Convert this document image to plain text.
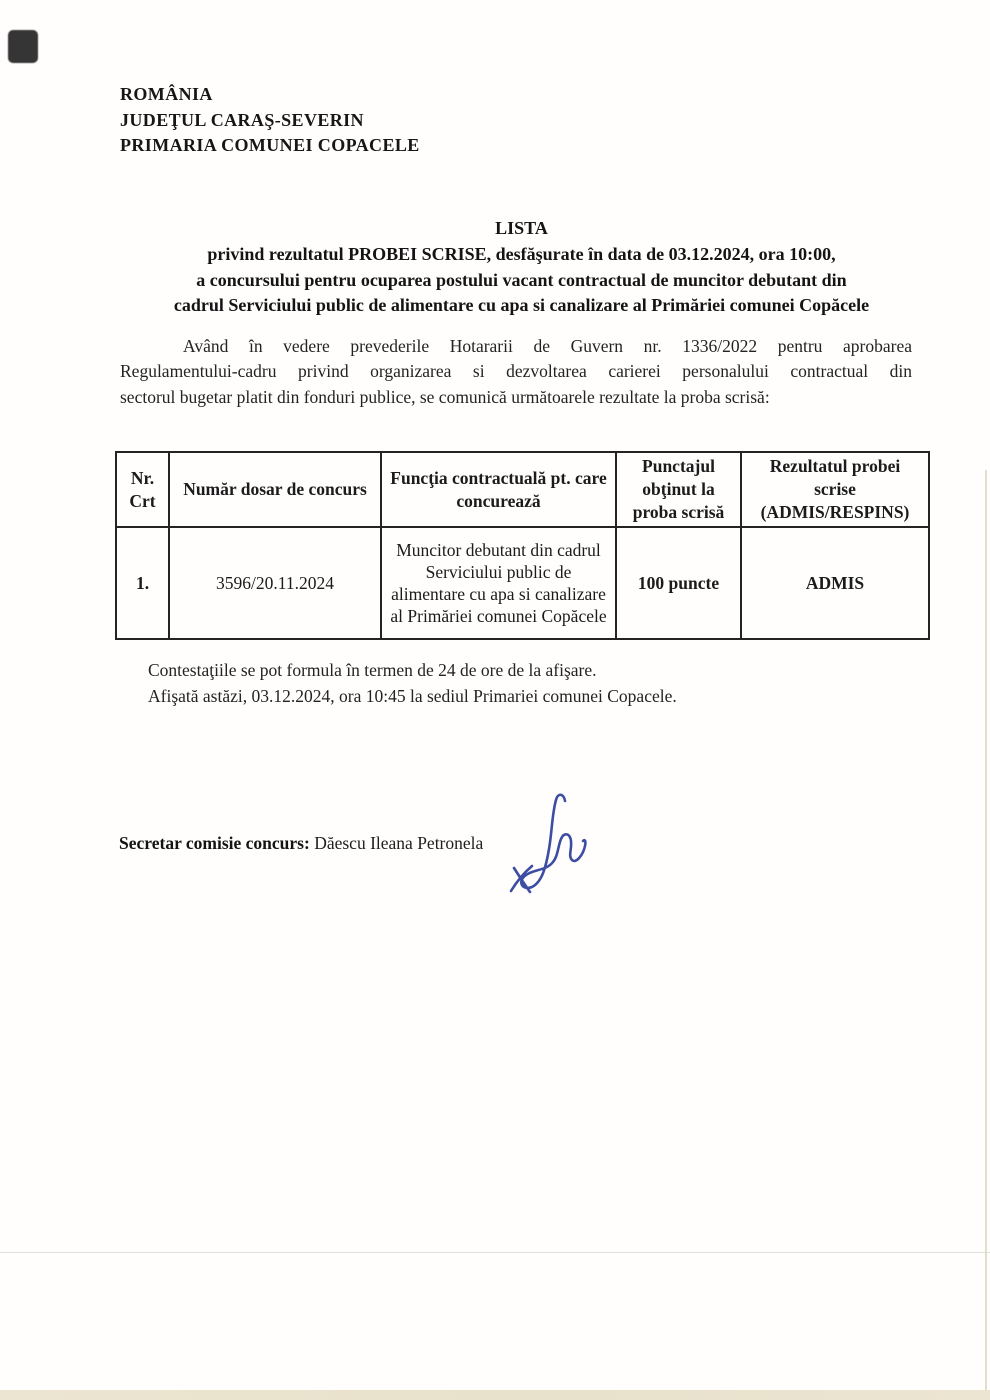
ROMÂNIA
JUDEŢUL CARAŞ-SEVERIN
PRIMARIA COMUNEI COPACELE
LISTA
privind rezultatul PROBEI SCRISE, desfăşurate în data de 03.12.2024, ora 10:00,
a concursului pentru ocuparea postului vacant contractual de muncitor debutant din
cadrul Serviciului public de alimentare cu apa si canalizare al Primăriei comunei Copăcele
Având în vedere prevederile Hotararii de Guvern nr. 1336/2022 pentru aprobarea
Regulamentului-cadru privind organizarea si dezvoltarea carierei personalului contractual din
sectorul bugetar platit din fonduri publice, se comunică următoarele rezultate la proba scrisă:
Nr. Crt	Număr dosar de concurs	Funcţia contractuală pt. care concurează	Punctajul obţinut la proba scrisă	Rezultatul probei scrise (ADMIS/RESPINS)
1.	3596/20.11.2024	Muncitor debutant din cadrul Serviciului public de alimentare cu apa si canalizare al Primăriei comunei Copăcele	100 puncte	ADMIS
Contestaţiile se pot formula în termen de 24 de ore de la afişare.
Afişată astăzi, 03.12.2024, ora 10:45 la sediul Primariei comunei Copacele.
Secretar comisie concurs: Dăescu Ileana Petronela
